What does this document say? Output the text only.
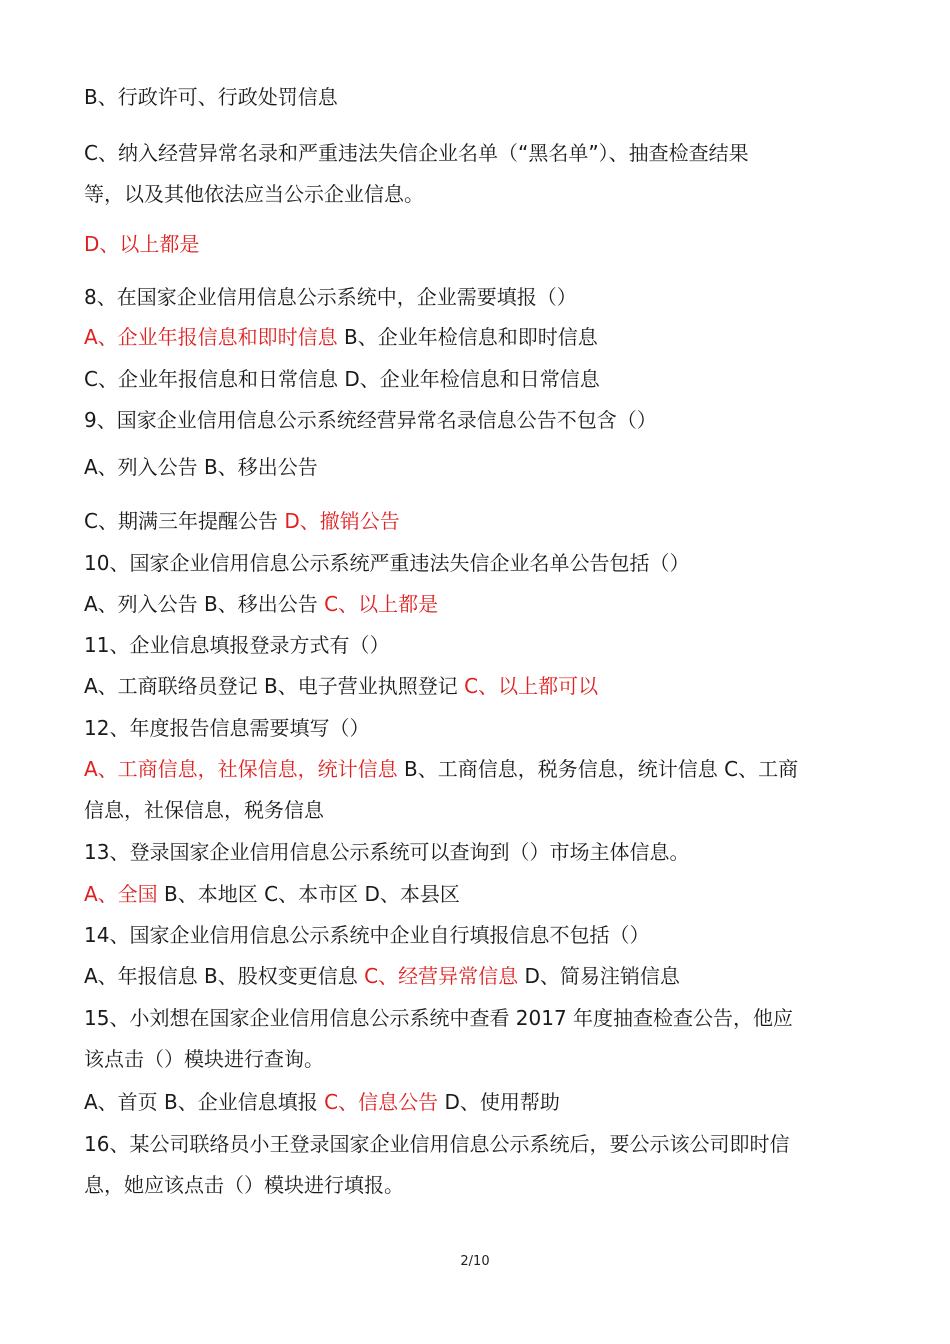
B、行政许可、行政处罚信息
C、纳入经营异常名录和严重违法失信企业名单（“黑名单”）、抽查检查结果
等，以及其他依法应当公示企业信息。
D、以上都是
8、在国家企业信用信息公示系统中，企业需要填报（）
A、企业年报信息和即时信息 B、企业年检信息和即时信息
C、企业年报信息和日常信息 D、企业年检信息和日常信息
9、国家企业信用信息公示系统经营异常名录信息公告不包含（）
A、列入公告 B、移出公告
C、期满三年提醒公告 D、撤销公告
10、国家企业信用信息公示系统严重违法失信企业名单公告包括（）
A、列入公告 B、移出公告 C、以上都是
11、企业信息填报登录方式有（）
A、工商联络员登记 B、电子营业执照登记 C、以上都可以
12、年度报告信息需要填写（）
A、工商信息，社保信息，统计信息 B、工商信息，税务信息，统计信息 C、工商
信息，社保信息，税务信息
13、登录国家企业信用信息公示系统可以查询到（）市场主体信息。
A、全国 B、本地区 C、本市区 D、本县区
14、国家企业信用信息公示系统中企业自行填报信息不包括（）
A、年报信息 B、股权变更信息 C、经营异常信息 D、简易注销信息
15、小刘想在国家企业信用信息公示系统中查看 2017 年度抽查检查公告，他应
该点击（）模块进行查询。
A、首页 B、企业信息填报 C、信息公告 D、使用帮助
16、某公司联络员小王登录国家企业信用信息公示系统后，要公示该公司即时信
息，她应该点击（）模块进行填报。
2/10
